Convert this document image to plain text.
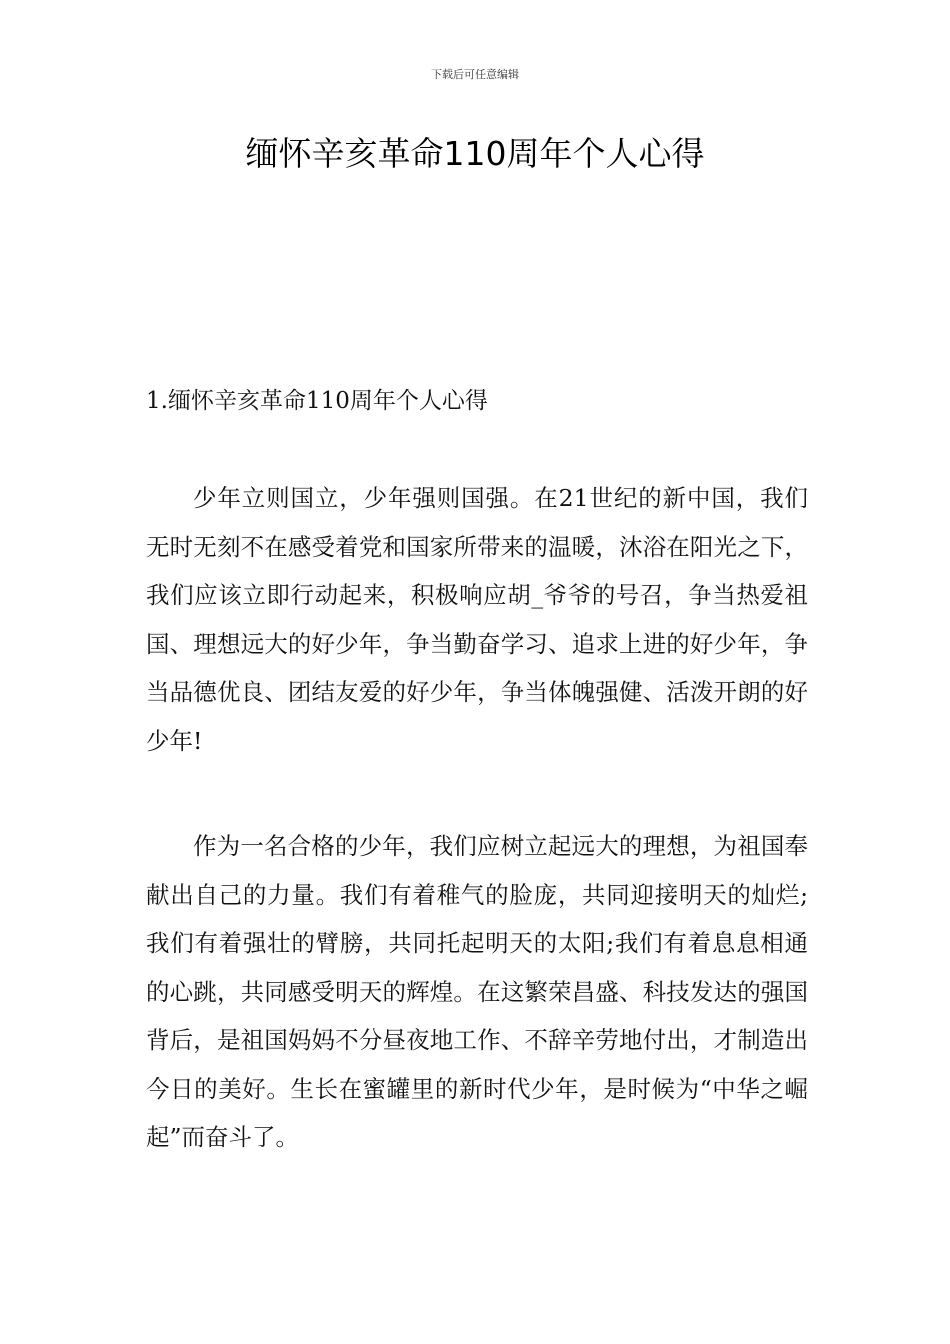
下载后可任意编辑
缅怀辛亥革命110周年个人心得
1.缅怀辛亥革命110周年个人心得

少年立则国立，少年强则国强。在21世纪的新中国，我们无时无刻不在感受着党和国家所带来的温暖，沐浴在阳光之下，我们应该立即行动起来，积极响应胡_爷爷的号召，争当热爱祖国、理想远大的好少年，争当勤奋学习、追求上进的好少年，争当品德优良、团结友爱的好少年，争当体魄强健、活泼开朗的好少年!

作为一名合格的少年，我们应树立起远大的理想，为祖国奉献出自己的力量。我们有着稚气的脸庞，共同迎接明天的灿烂;我们有着强壮的臂膀，共同托起明天的太阳;我们有着息息相通的心跳，共同感受明天的辉煌。在这繁荣昌盛、科技发达的强国背后，是祖国妈妈不分昼夜地工作、不辞辛劳地付出，才制造出今日的美好。生长在蜜罐里的新时代少年，是时候为“中华之崛起”而奋斗了。
